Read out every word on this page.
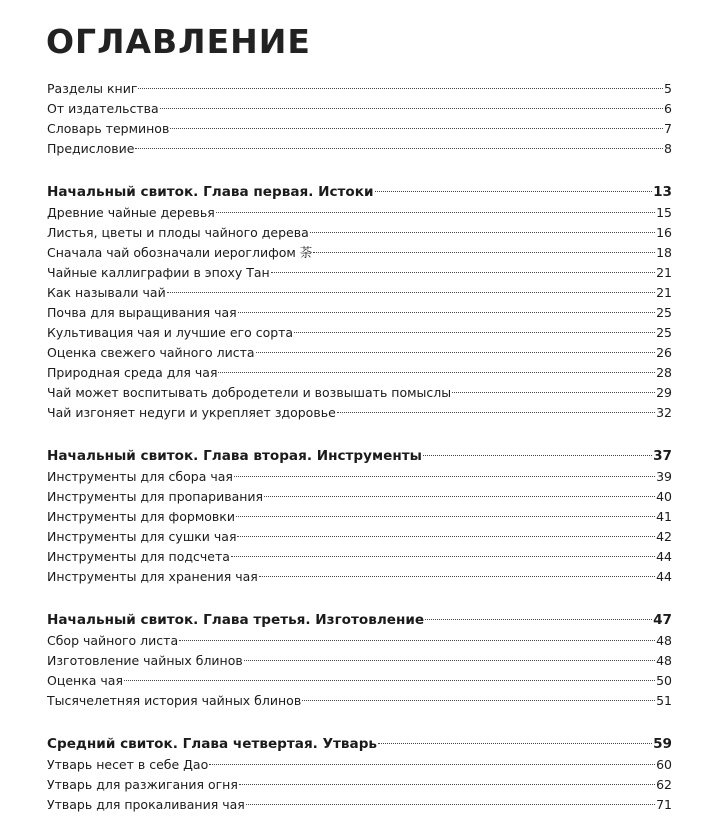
ОГЛАВЛЕНИЕ
Разделы книг	5
От издательства	6
Словарь терминов	7
Предисловие	8
Начальный свиток. Глава первая. Истоки	13
Древние чайные деревья	15
Листья, цветы и плоды чайного дерева	16
Сначала чай обозначали иероглифом 荼	18
Чайные каллиграфии в эпоху Тан	21
Как называли чай	21
Почва для выращивания чая	25
Культивация чая и лучшие его сорта	25
Оценка свежего чайного листа	26
Природная среда для чая	28
Чай может воспитывать добродетели и возвышать помыслы	29
Чай изгоняет недуги и укрепляет здоровье	32
Начальный свиток. Глава вторая. Инструменты	37
Инструменты для сбора чая	39
Инструменты для пропаривания	40
Инструменты для формовки	41
Инструменты для сушки чая	42
Инструменты для подсчета	44
Инструменты для хранения чая	44
Начальный свиток. Глава третья. Изготовление	47
Сбор чайного листа	48
Изготовление чайных блинов	48
Оценка чая	50
Тысячелетняя история чайных блинов	51
Средний свиток. Глава четвертая. Утварь	59
Утварь несет в себе Дао	60
Утварь для разжигания огня	62
Утварь для прокаливания чая	71
